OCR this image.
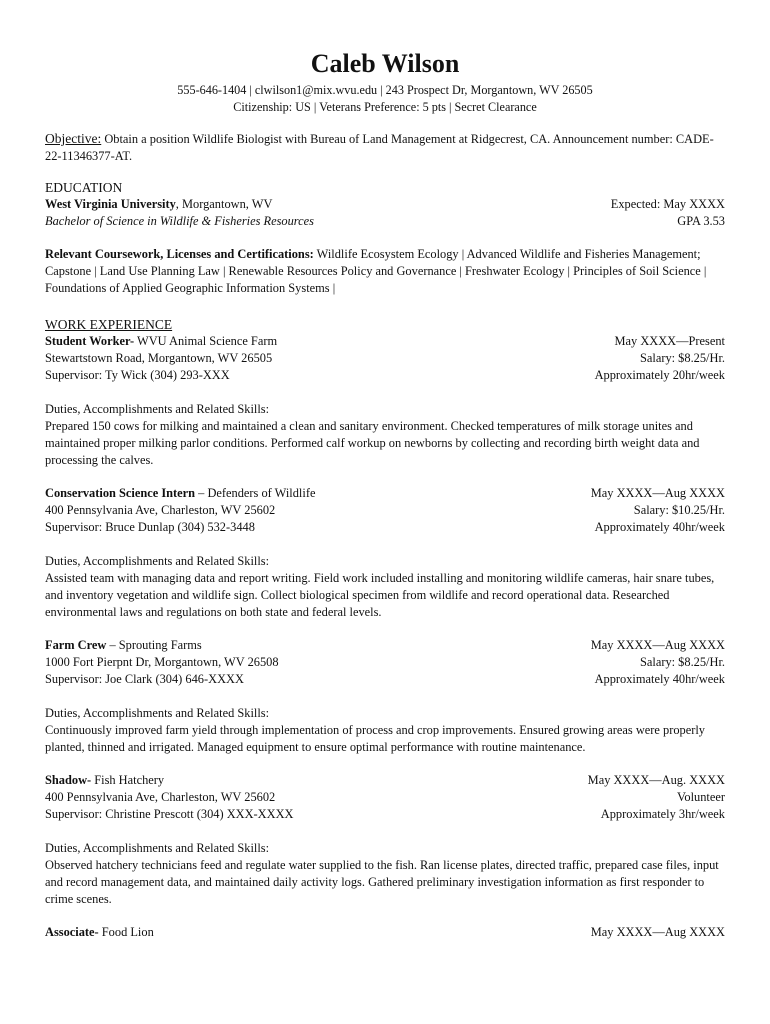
Caleb Wilson
555-646-1404 | clwilson1@mix.wvu.edu | 243 Prospect Dr, Morgantown, WV 26505
Citizenship: US | Veterans Preference: 5 pts | Secret Clearance
Objective: Obtain a position Wildlife Biologist with Bureau of Land Management at Ridgecrest, CA. Announcement number: CADE-22-11346377-AT.
EDUCATION
West Virginia University, Morgantown, WV	Expected: May XXXX
Bachelor of Science in Wildlife & Fisheries Resources	GPA 3.53
Relevant Coursework, Licenses and Certifications: Wildlife Ecosystem Ecology | Advanced Wildlife and Fisheries Management; Capstone | Land Use Planning Law | Renewable Resources Policy and Governance | Freshwater Ecology | Principles of Soil Science | Foundations of Applied Geographic Information Systems |
WORK EXPERIENCE
Student Worker- WVU Animal Science Farm	May XXXX—Present
Stewartstown Road, Morgantown, WV 26505	Salary: $8.25/Hr.
Supervisor: Ty Wick (304) 293-XXX	Approximately 20hr/week
Duties, Accomplishments and Related Skills:
Prepared 150 cows for milking and maintained a clean and sanitary environment. Checked temperatures of milk storage unites and maintained proper milking parlor conditions. Performed calf workup on newborns by collecting and recording birth weight data and processing the calves.
Conservation Science Intern – Defenders of Wildlife	May XXXX—Aug XXXX
400 Pennsylvania Ave, Charleston, WV 25602	Salary: $10.25/Hr.
Supervisor: Bruce Dunlap (304) 532-3448	Approximately 40hr/week
Duties, Accomplishments and Related Skills:
Assisted team with managing data and report writing. Field work included installing and monitoring wildlife cameras, hair snare tubes, and inventory vegetation and wildlife sign. Collect biological specimen from wildlife and record operational data. Researched environmental laws and regulations on both state and federal levels.
Farm Crew – Sprouting Farms	May XXXX—Aug XXXX
1000 Fort Pierpnt Dr, Morgantown, WV 26508	Salary: $8.25/Hr.
Supervisor: Joe Clark (304) 646-XXXX	Approximately 40hr/week
Duties, Accomplishments and Related Skills:
Continuously improved farm yield through implementation of process and crop improvements. Ensured growing areas were properly planted, thinned and irrigated. Managed equipment to ensure optimal performance with routine maintenance.
Shadow- Fish Hatchery	May XXXX—Aug. XXXX
400 Pennsylvania Ave, Charleston, WV 25602	Volunteer
Supervisor: Christine Prescott (304) XXX-XXXX	Approximately 3hr/week
Duties, Accomplishments and Related Skills:
Observed hatchery technicians feed and regulate water supplied to the fish. Ran license plates, directed traffic, prepared case files, input and record management data, and maintained daily activity logs. Gathered preliminary investigation information as first responder to crime scenes.
Associate- Food Lion	May XXXX—Aug XXXX
